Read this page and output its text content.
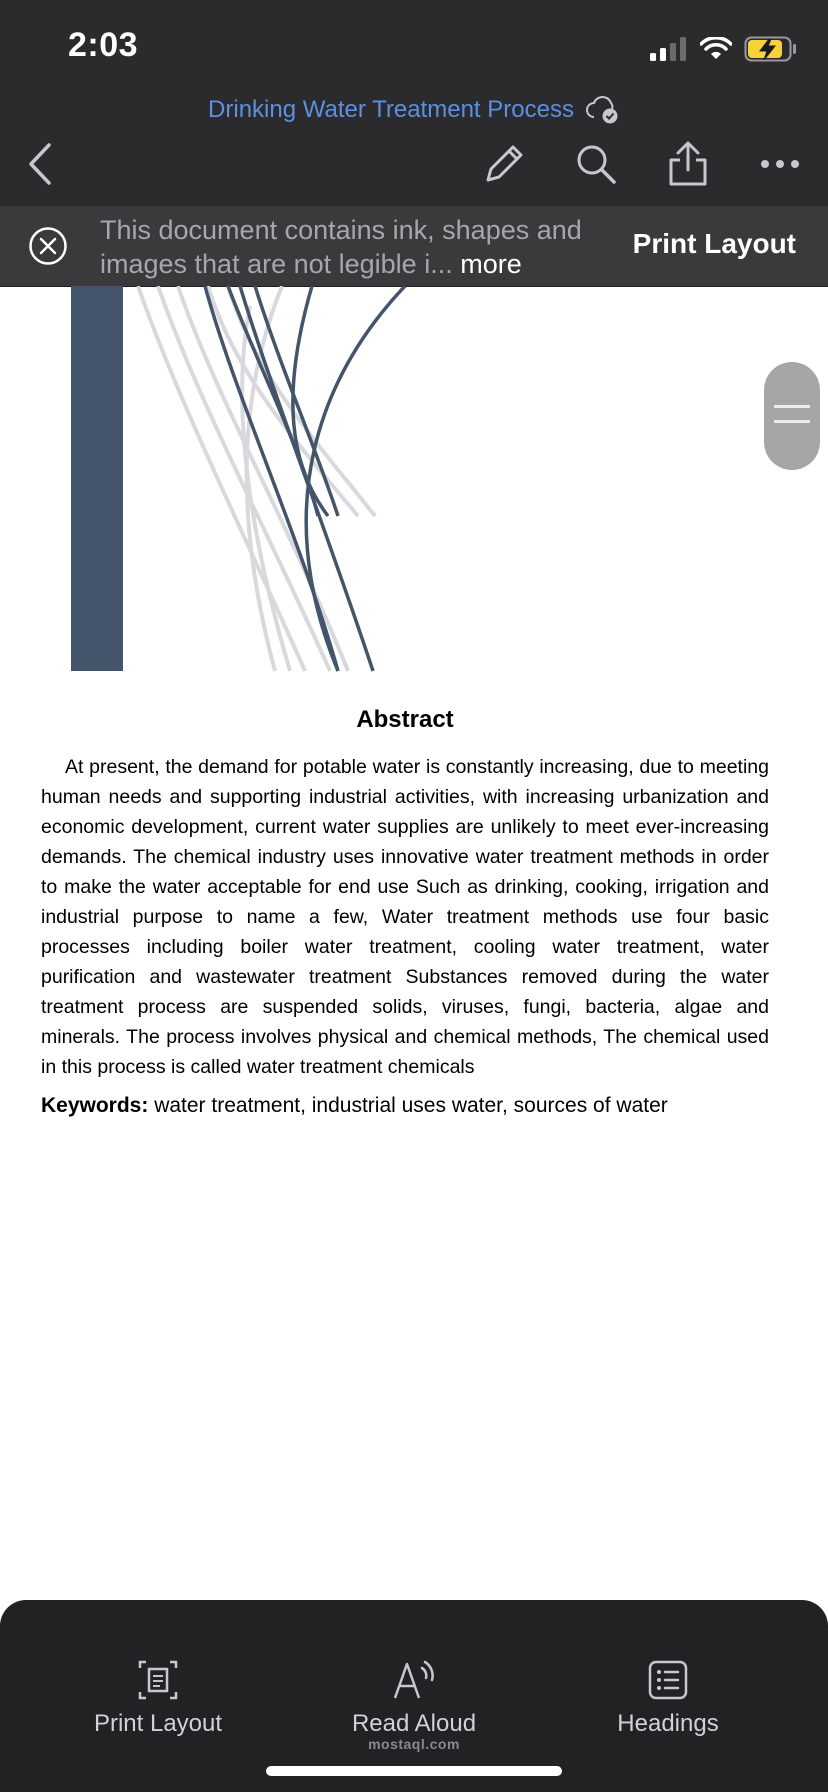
2:03
Drinking Water Treatment Process
This document contains ink, shapes and images that are not legible i... more
Print Layout
Abstract

At present, the demand for potable water is constantly increasing, due to meeting human needs and supporting industrial activities, with increasing urbanization and economic development, current water supplies are unlikely to meet ever-increasing demands. The chemical industry uses innovative water treatment methods in order to make the water acceptable for end use Such as drinking, cooking, irrigation and industrial purpose to name a few, Water treatment methods use four basic processes including boiler water treatment, cooling water treatment, water purification and wastewater treatment Substances removed during the water treatment process are suspended solids, viruses, fungi, bacteria, algae and minerals. The process involves physical and chemical methods, The chemical used in this process is called water treatment chemicals

Keywords: water treatment, industrial uses water, sources of water

Print Layout	Read Aloud	Headings
mostaql.com
